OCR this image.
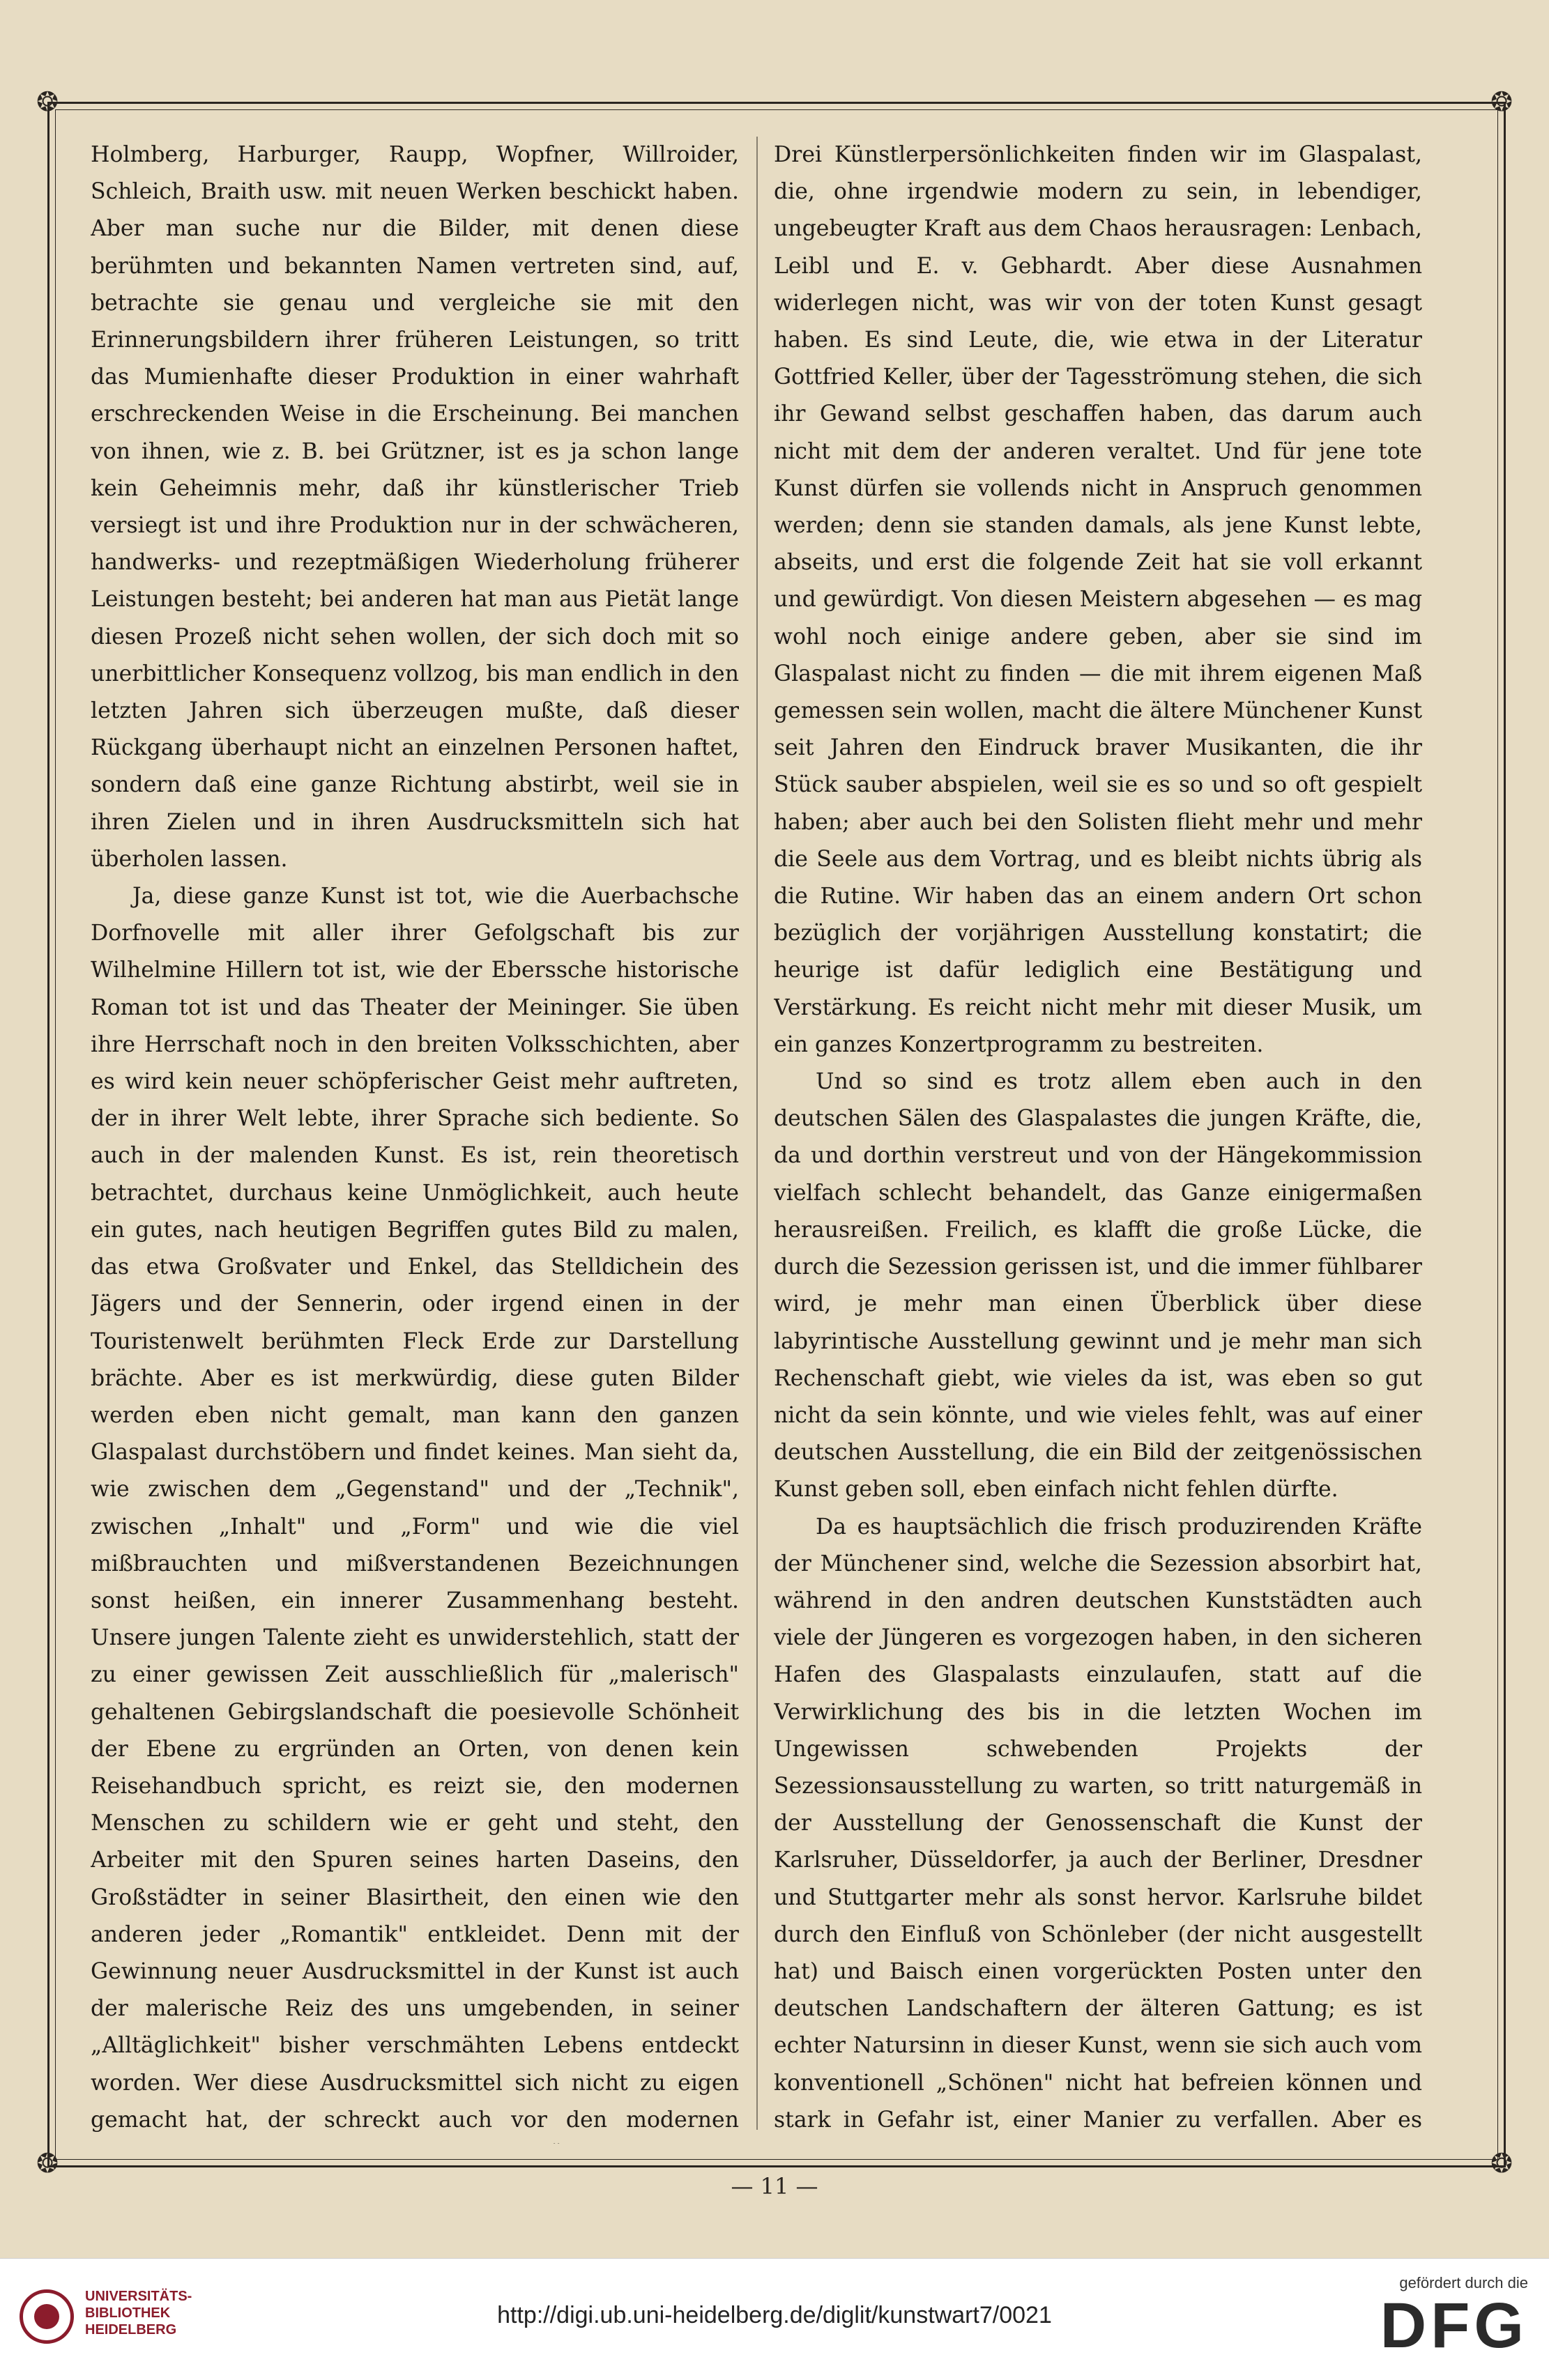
❂	❂
❂	❂

Holmberg, Harburger, Raupp, Wopfner, Willroider, Schleich, Braith usw. mit neuen Werken beschickt haben. Aber man suche nur die Bilder, mit denen diese berühmten und bekannten Namen vertreten sind, auf, betrachte sie genau und vergleiche sie mit den Erinnerungsbildern ihrer früheren Leistungen, so tritt das Mumienhafte dieser Produktion in einer wahrhaft erschreckenden Weise in die Erscheinung. Bei manchen von ihnen, wie z. B. bei Grützner, ist es ja schon lange kein Geheimnis mehr, daß ihr künstlerischer Trieb versiegt ist und ihre Produktion nur in der schwächeren, handwerks- und rezeptmäßigen Wiederholung früherer Leistungen besteht; bei anderen hat man aus Pietät lange diesen Prozeß nicht sehen wollen, der sich doch mit so unerbittlicher Konsequenz vollzog, bis man endlich in den letzten Jahren sich überzeugen mußte, daß dieser Rückgang überhaupt nicht an einzelnen Personen haftet, sondern daß eine ganze Richtung abstirbt, weil sie in ihren Zielen und in ihren Ausdrucksmitteln sich hat überholen lassen.

Ja, diese ganze Kunst ist tot, wie die Auerbachsche Dorfnovelle mit aller ihrer Gefolgschaft bis zur Wilhelmine Hillern tot ist, wie der Eberssche historische Roman tot ist und das Theater der Meininger. Sie üben ihre Herrschaft noch in den breiten Volksschichten, aber es wird kein neuer schöpferischer Geist mehr auftreten, der in ihrer Welt lebte, ihrer Sprache sich bediente. So auch in der malenden Kunst. Es ist, rein theoretisch betrachtet, durchaus keine Unmöglichkeit, auch heute ein gutes, nach heutigen Begriffen gutes Bild zu malen, das etwa Großvater und Enkel, das Stelldichein des Jägers und der Sennerin, oder irgend einen in der Touristenwelt berühmten Fleck Erde zur Darstellung brächte. Aber es ist merkwürdig, diese guten Bilder werden eben nicht gemalt, man kann den ganzen Glaspalast durchstöbern und findet keines. Man sieht da, wie zwischen dem „Gegenstand" und der „Technik", zwischen „Inhalt" und „Form" und wie die viel mißbrauchten und mißverstandenen Bezeichnungen sonst heißen, ein innerer Zusammenhang besteht. Unsere jungen Talente zieht es unwiderstehlich, statt der zu einer gewissen Zeit ausschließlich für „malerisch" gehaltenen Gebirgslandschaft die poesievolle Schönheit der Ebene zu ergründen an Orten, von denen kein Reisehandbuch spricht, es reizt sie, den modernen Menschen zu schildern wie er geht und steht, den Arbeiter mit den Spuren seines harten Daseins, den Großstädter in seiner Blasirtheit, den einen wie den anderen jeder „Romantik" entkleidet. Denn mit der Gewinnung neuer Ausdrucksmittel in der Kunst ist auch der malerische Reiz des uns umgebenden, in seiner „Alltäglichkeit" bisher verschmähten Lebens entdeckt worden. Wer diese Ausdrucksmittel sich nicht zu eigen gemacht hat, der schreckt auch vor den modernen

Drei Künstlerpersönlichkeiten finden wir im Glaspalast, die, ohne irgendwie modern zu sein, in lebendiger, ungebeugter Kraft aus dem Chaos herausragen: Lenbach, Leibl und E. v. Gebhardt. Aber diese Ausnahmen widerlegen nicht, was wir von der toten Kunst gesagt haben. Es sind Leute, die, wie etwa in der Literatur Gottfried Keller, über der Tagesströmung stehen, die sich ihr Gewand selbst geschaffen haben, das darum auch nicht mit dem der anderen veraltet. Und für jene tote Kunst dürfen sie vollends nicht in Anspruch genommen werden; denn sie standen damals, als jene Kunst lebte, abseits, und erst die folgende Zeit hat sie voll erkannt und gewürdigt. Von diesen Meistern abgesehen — es mag wohl noch einige andere geben, aber sie sind im Glaspalast nicht zu finden — die mit ihrem eigenen Maß gemessen sein wollen, macht die ältere Münchener Kunst seit Jahren den Eindruck braver Musikanten, die ihr Stück sauber abspielen, weil sie es so und so oft gespielt haben; aber auch bei den Solisten flieht mehr und mehr die Seele aus dem Vortrag, und es bleibt nichts übrig als die Rutine. Wir haben das an einem andern Ort schon bezüglich der vorjährigen Ausstellung konstatirt; die heurige ist dafür lediglich eine Bestätigung und Verstärkung. Es reicht nicht mehr mit dieser Musik, um ein ganzes Konzertprogramm zu bestreiten.

Und so sind es trotz allem eben auch in den deutschen Sälen des Glaspalastes die jungen Kräfte, die, da und dorthin verstreut und von der Hängekommission vielfach schlecht behandelt, das Ganze einigermaßen herausreißen. Freilich, es klafft die große Lücke, die durch die Sezession gerissen ist, und die immer fühlbarer wird, je mehr man einen Überblick über diese labyrintische Ausstellung gewinnt und je mehr man sich Rechenschaft giebt, wie vieles da ist, was eben so gut nicht da sein könnte, und wie vieles fehlt, was auf einer deutschen Ausstellung, die ein Bild der zeitgenössischen Kunst geben soll, eben einfach nicht fehlen dürfte.

Da es hauptsächlich die frisch produzirenden Kräfte der Münchener sind, welche die Sezession absorbirt hat, während in den andren deutschen Kunststädten auch viele der Jüngeren es vorgezogen haben, in den sicheren Hafen des Glaspalasts einzulaufen, statt auf die Verwirklichung des bis in die letzten Wochen im Ungewissen schwebenden Projekts der Sezessionsausstellung zu warten, so tritt naturgemäß in der Ausstellung der Genossenschaft die Kunst der Karlsruher, Düsseldorfer, ja auch der Berliner, Dresdner und Stuttgarter mehr als sonst hervor. Karlsruhe bildet durch den Einfluß von Schönleber (der nicht ausgestellt hat) und Baisch einen vorgerückten Posten unter den deutschen Landschaftern der älteren Gattung; es ist echter Natursinn in dieser Kunst, wenn sie sich auch vom konventionell „Schönen" nicht hat befreien können und stark in Gefahr ist, einer Manier zu verfallen. Aber es

— 11 —
UNIVERSITÄTS-
BIBLIOTHEK
HEIDELBERG
http://digi.ub.uni-heidelberg.de/diglit/kunstwart7/0021
gefördert durch die
DFG
